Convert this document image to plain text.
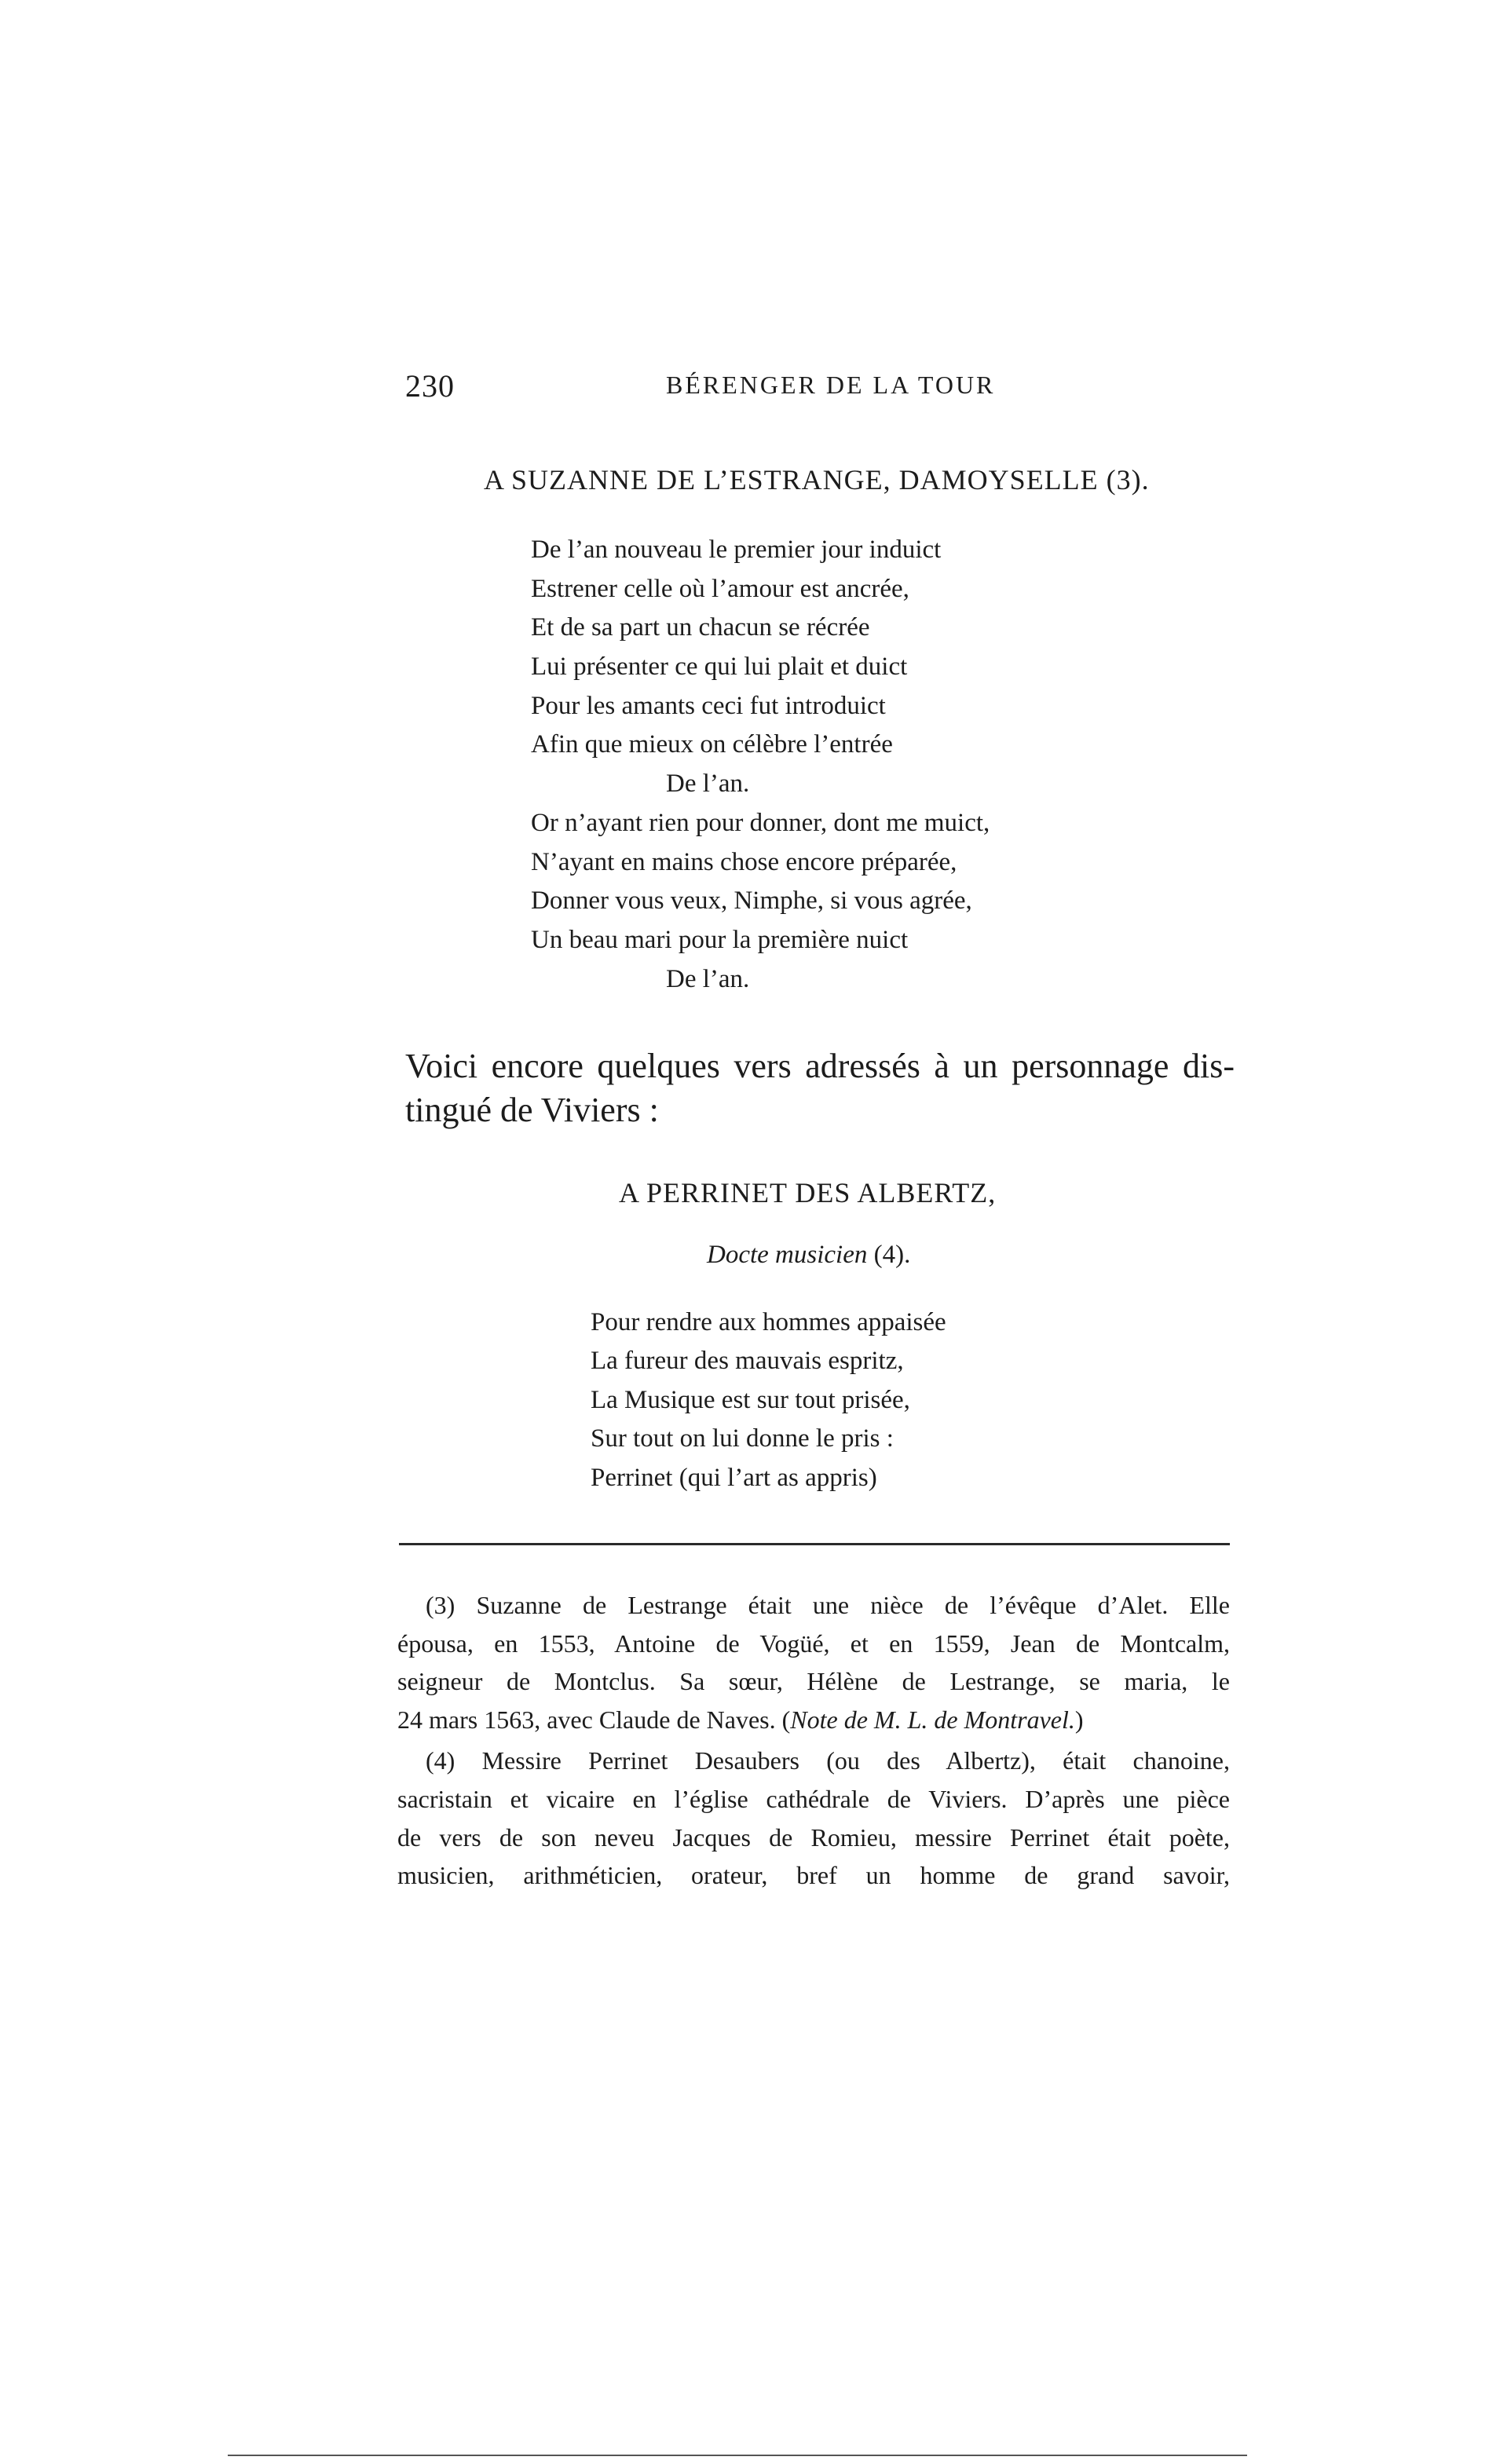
230	BÉRENGER DE LA TOUR
A SUZANNE DE L’ESTRANGE, DAMOYSELLE (3).
De l’an nouveau le premier jour induict
Estrener celle où l’amour est ancrée,
Et de sa part un chacun se récrée
Lui présenter ce qui lui plait et duict
Pour les amants ceci fut introduict
Afin que mieux on célèbre l’entrée
De l’an.
Or n’ayant rien pour donner, dont me muict,
N’ayant en mains chose encore préparée,
Donner vous veux, Nimphe, si vous agrée,
Un beau mari pour la première nuict
De l’an.

Voici encore quelques vers adressés à un personnage dis-
tingué de Viviers :

A PERRINET DES ALBERTZ,
Docte musicien (4).
Pour rendre aux hommes appaisée
La fureur des mauvais espritz,
La Musique est sur tout prisée,
Sur tout on lui donne le pris :
Perrinet (qui l’art as appris)
(3) Suzanne de Lestrange était une nièce de l’évêque d’Alet. Elle
épousa, en 1553, Antoine de Vogüé, et en 1559, Jean de Montcalm,
seigneur de Montclus. Sa sœur, Hélène de Lestrange, se maria, le
24 mars 1563, avec Claude de Naves. (Note de M. L. de Montravel.)
(4) Messire Perrinet Desaubers (ou des Albertz), était chanoine,
sacristain et vicaire en l’église cathédrale de Viviers. D’après une pièce
de vers de son neveu Jacques de Romieu, messire Perrinet était poète,
musicien, arithméticien, orateur, bref un homme de grand savoir,
